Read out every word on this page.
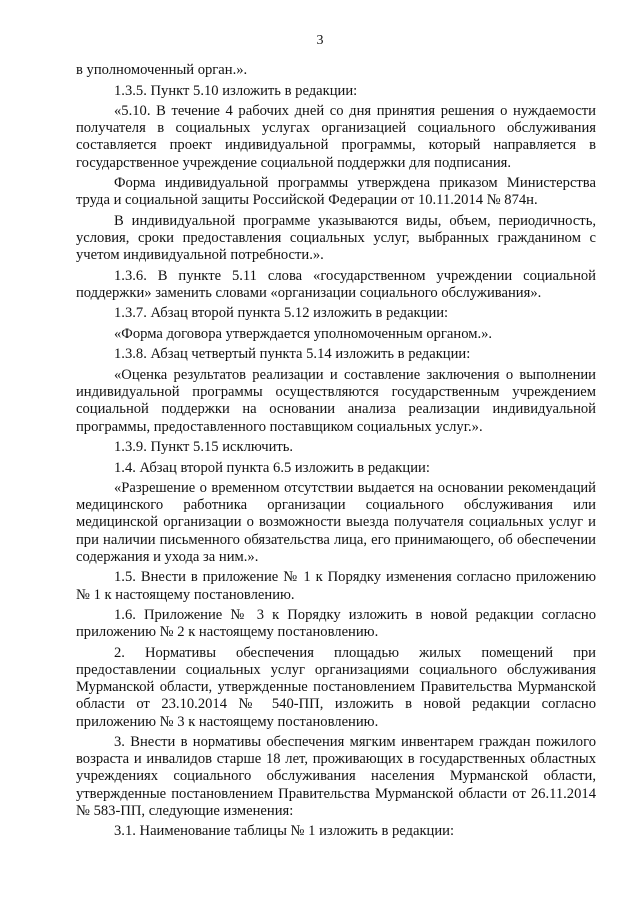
3

в уполномоченный орган.».

1.3.5. Пункт 5.10 изложить в редакции:

«5.10. В течение 4 рабочих дней со дня принятия решения о нуждаемости получателя в социальных услугах организацией социального обслуживания составляется проект индивидуальной программы, который направляется в государственное учреждение социальной поддержки для подписания.

Форма индивидуальной программы утверждена приказом Министерства труда и социальной защиты Российской Федерации от 10.11.2014 № 874н.

В индивидуальной программе указываются виды, объем, периодичность, условия, сроки предоставления социальных услуг, выбранных гражданином с учетом индивидуальной потребности.».

1.3.6. В пункте 5.11 слова «государственном учреждении социальной поддержки» заменить словами «организации социального обслуживания».

1.3.7. Абзац второй пункта 5.12 изложить в редакции:

«Форма договора утверждается уполномоченным органом.».

1.3.8. Абзац четвертый пункта 5.14 изложить в редакции:

«Оценка результатов реализации и составление заключения о выполнении индивидуальной программы осуществляются государственным учреждением социальной поддержки на основании анализа реализации индивидуальной программы, предоставленного поставщиком социальных услуг.».

1.3.9. Пункт 5.15 исключить.

1.4. Абзац второй пункта 6.5 изложить в редакции:

«Разрешение о временном отсутствии выдается на основании рекомендаций медицинского работника организации социального обслуживания или медицинской организации о возможности выезда получателя социальных услуг и при наличии письменного обязательства лица, его принимающего, об обеспечении содержания и ухода за ним.».

1.5. Внести в приложение № 1 к Порядку изменения согласно приложению № 1 к настоящему постановлению.

1.6. Приложение № 3 к Порядку изложить в новой редакции согласно приложению № 2 к настоящему постановлению.

2. Нормативы обеспечения площадью жилых помещений при предоставлении социальных услуг организациями социального обслуживания Мурманской области, утвержденные постановлением Правительства Мурманской области от 23.10.2014 № 540-ПП, изложить в новой редакции согласно приложению № 3 к настоящему постановлению.

3. Внести в нормативы обеспечения мягким инвентарем граждан пожилого возраста и инвалидов старше 18 лет, проживающих в государственных областных учреждениях социального обслуживания населения Мурманской области, утвержденные постановлением Правительства Мурманской области от 26.11.2014 № 583-ПП, следующие изменения:

3.1. Наименование таблицы № 1 изложить в редакции:
